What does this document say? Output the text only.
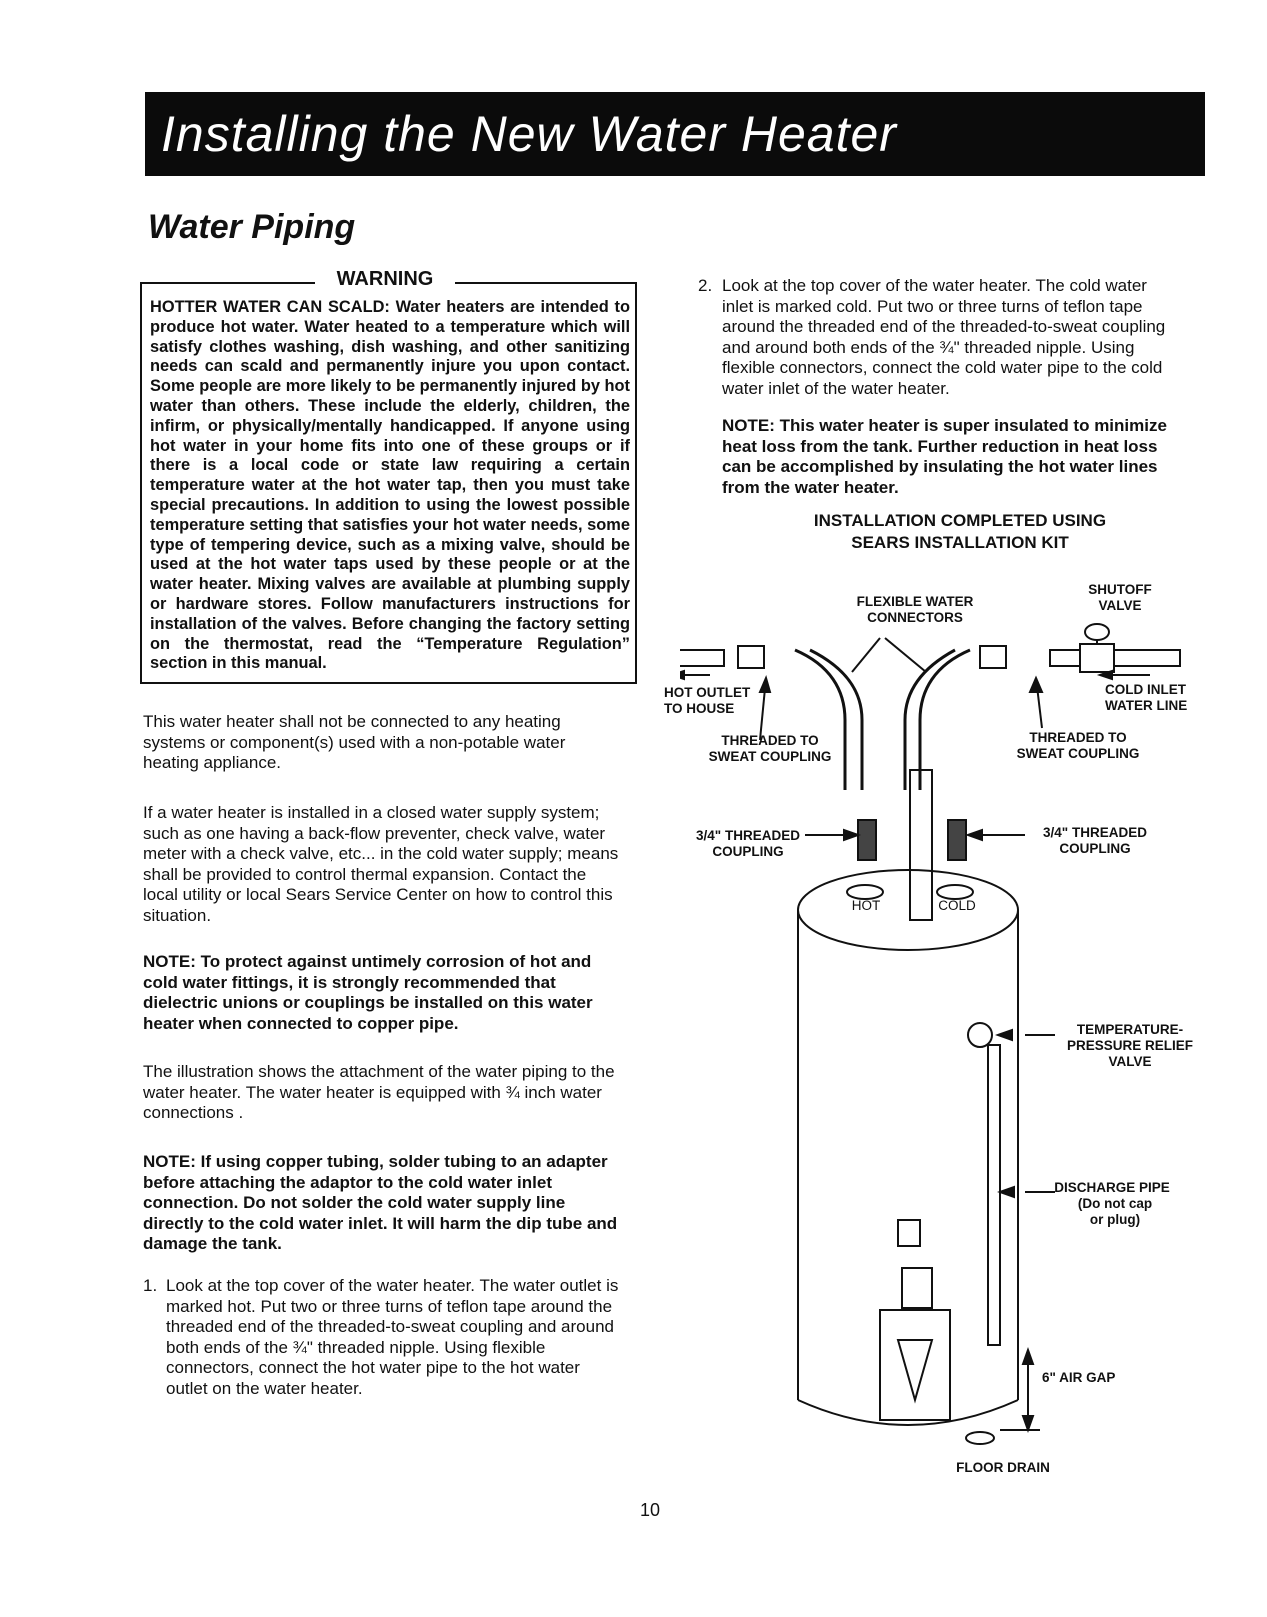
Installing the New Water Heater
Water Piping
WARNING
HOTTER WATER CAN SCALD: Water heaters are intended to produce hot water. Water heated to a temperature which will satisfy clothes washing, dish washing, and other sanitizing needs can scald and permanently injure you upon contact. Some people are more likely to be permanently injured by hot water than others. These include the elderly, children, the infirm, or physically/mentally handicapped. If anyone using hot water in your home fits into one of these groups or if there is a local code or state law requiring a certain temperature water at the hot water tap, then you must take special precautions. In addition to using the lowest possible temperature setting that satisfies your hot water needs, some type of tempering device, such as a mixing valve, should be used at the hot water taps used by these people or at the water heater. Mixing valves are available at plumbing supply or hardware stores. Follow manufacturers instructions for installation of the valves. Before changing the factory setting on the thermostat, read the “Temperature Regulation” section in this manual.
This water heater shall not be connected to any heating systems or component(s) used with a non-potable water heating appliance.
If a water heater is installed in a closed water supply system; such as one having a back-flow preventer, check valve, water meter with a check valve, etc... in the cold water supply; means shall be provided to control thermal expansion. Contact the local utility or local Sears Service Center on how to control this situation.
NOTE: To protect against untimely corrosion of hot and cold water fittings, it is strongly recommended that dielectric unions or couplings be installed on this water heater when connected to copper pipe.
The illustration shows the attachment of the water piping to the water heater. The water heater is equipped with ¾ inch water connections .
NOTE: If using copper tubing, solder tubing to an adapter before attaching the adaptor to the cold water inlet connection. Do not solder the cold water supply line directly to the cold water inlet. It will harm the dip tube and damage the tank.
1. Look at the top cover of the water heater. The water outlet is marked hot. Put two or three turns of teflon tape around the threaded end of the threaded-to-sweat coupling and around both ends of the ¾" threaded nipple. Using flexible connectors, connect the hot water pipe to the hot water outlet on the water heater.
2. Look at the top cover of the water heater. The cold water inlet is marked cold. Put two or three turns of teflon tape around the threaded end of the threaded-to-sweat coupling and around both ends of the ¾" threaded nipple. Using flexible connectors, connect the cold water pipe to the cold water inlet of the water heater.
NOTE: This water heater is super insulated to minimize heat loss from the tank. Further reduction in heat loss can be accomplished by insulating the hot water lines from the water heater.
INSTALLATION COMPLETED USING
SEARS INSTALLATION KIT
FLEXIBLE WATER
CONNECTORS
SHUTOFF
VALVE
HOT OUTLET
TO HOUSE
COLD INLET
WATER LINE
THREADED TO
SWEAT COUPLING
THREADED TO
SWEAT COUPLING
3/4" THREADED
COUPLING
3/4" THREADED
COUPLING
HOT	COLD
TEMPERATURE-
PRESSURE RELIEF
VALVE
DISCHARGE PIPE
(Do not cap
or plug)
6" AIR GAP
FLOOR DRAIN
10
